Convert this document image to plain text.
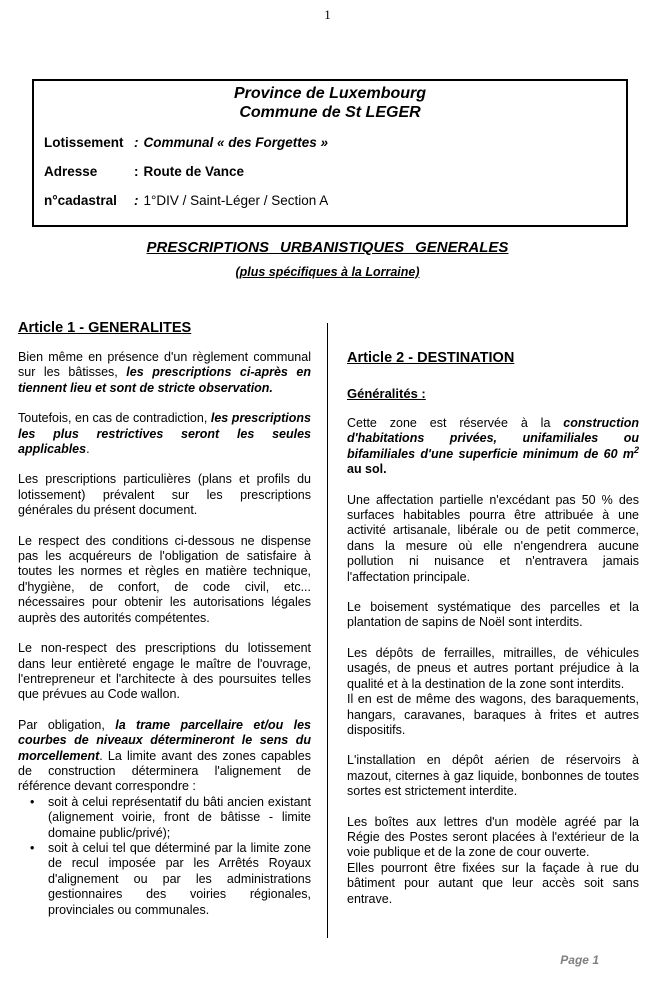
1
Province de Luxembourg
Commune de St LEGER
Lotissement : Communal « des Forgettes »
Adresse	: Route de Vance
n°cadastral	: 1°DIV / Saint-Léger / Section A
PRESCRIPTIONS URBANISTIQUES GENERALES
(plus spécifiques à la Lorraine)
Article 1 - GENERALITES
Bien même en présence d'un règlement communal sur les bâtisses, les prescriptions ci-après en tiennent lieu et sont de stricte observation.
Toutefois, en cas de contradiction, les prescriptions les plus restrictives seront les seules applicables.
Les prescriptions particulières (plans et profils du lotissement) prévalent sur les prescriptions générales du présent document.
Le respect des conditions ci-dessous ne dispense pas les acquéreurs de l'obligation de satisfaire à toutes les normes et règles en matière technique, d'hygiène, de confort, de code civil, etc... nécessaires pour obtenir les autorisations légales auprès des autorités compétentes.
Le non-respect des prescriptions du lotissement dans leur entièreté engage le maître de l'ouvrage, l'entrepreneur et l'architecte à des poursuites telles que prévues au Code wallon.
Par obligation, la trame parcellaire et/ou les courbes de niveaux détermineront le sens du morcellement. La limite avant des zones capables de construction déterminera l'alignement de référence devant correspondre :
•	soit à celui représentatif du bâti ancien existant (alignement voirie, front de bâtisse - limite domaine public/privé);
•	soit à celui tel que déterminé par la limite zone de recul imposée par les Arrêtés Royaux d'alignement ou par les administrations gestionnaires des voiries régionales, provinciales ou communales.
Article 2 - DESTINATION
Généralités :
Cette zone est réservée à la construction d'habitations privées, unifamiliales ou bifamiliales d'une superficie minimum de 60 $m^2$ au sol.
Une affectation partielle n'excédant pas 50 % des surfaces habitables pourra être attribuée à une activité artisanale, libérale ou de petit commerce, dans la mesure où elle n'engendrera aucune pollution ni nuisance et n'entravera jamais l'affectation principale.
Le boisement systématique des parcelles et la plantation de sapins de Noël sont interdits.
Les dépôts de ferrailles, mitrailles, de véhicules usagés, de pneus et autres portant préjudice à la qualité et à la destination de la zone sont interdits.
Il en est de même des wagons, des baraquements, hangars, caravanes, baraques à frites et autres dispositifs.
L'installation en dépôt aérien de réservoirs à mazout, citernes à gaz liquide, bonbonnes de toutes sortes est strictement interdite.
Les boîtes aux lettres d'un modèle agréé par la Régie des Postes seront placées à l'extérieur de la voie publique et de la zone de cour ouverte.
Elles pourront être fixées sur la façade à rue du bâtiment pour autant que leur accès soit sans entrave.
Page 1
